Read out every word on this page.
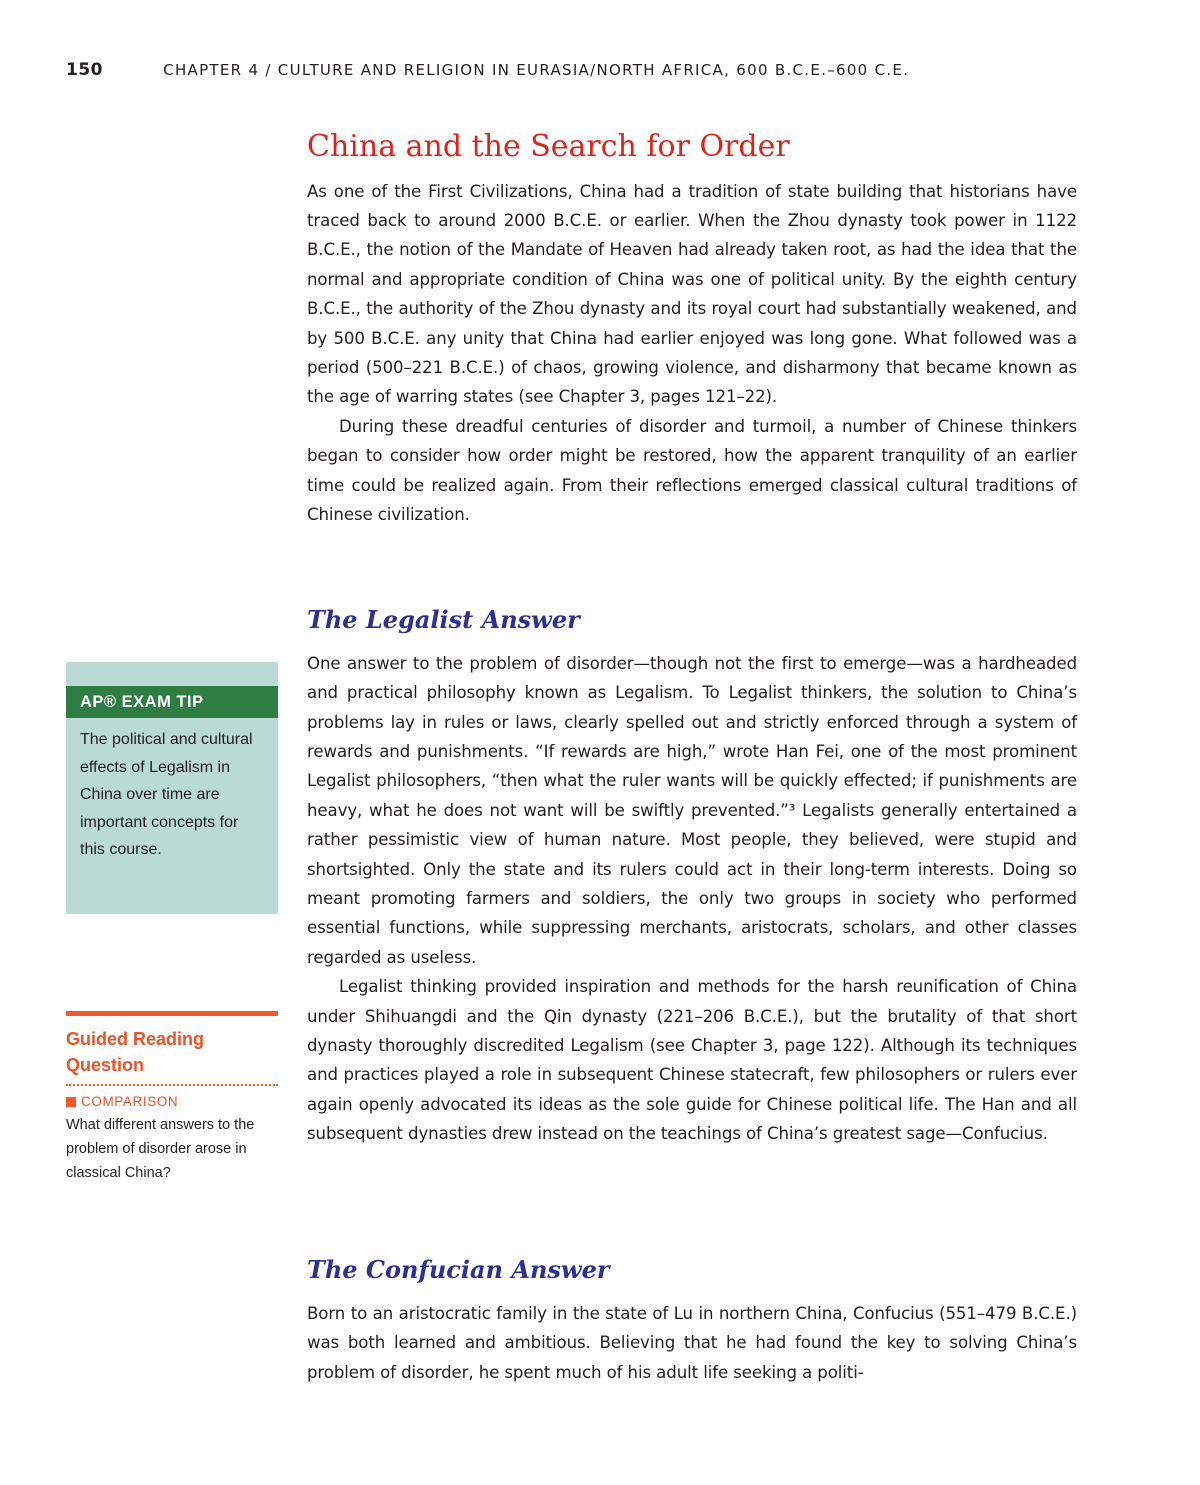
150	CHAPTER 4 / CULTURE AND RELIGION IN EURASIA/NORTH AFRICA, 600 B.C.E.–600 C.E.
China and the Search for Order

As one of the First Civilizations, China had a tradition of state building that historians have traced back to around 2000 B.C.E. or earlier. When the Zhou dynasty took power in 1122 B.C.E., the notion of the Mandate of Heaven had already taken root, as had the idea that the normal and appropriate condition of China was one of political unity. By the eighth century B.C.E., the authority of the Zhou dynasty and its royal court had substantially weakened, and by 500 B.C.E. any unity that China had earlier enjoyed was long gone. What followed was a period (500–221 B.C.E.) of chaos, growing violence, and disharmony that became known as the age of warring states (see Chapter 3, pages 121–22).

During these dreadful centuries of disorder and turmoil, a number of Chinese thinkers began to consider how order might be restored, how the apparent tranquility of an earlier time could be realized again. From their reflections emerged classical cultural traditions of Chinese civilization.

The Legalist Answer

One answer to the problem of disorder—though not the first to emerge—was a hardheaded and practical philosophy known as Legalism. To Legalist thinkers, the solution to China’s problems lay in rules or laws, clearly spelled out and strictly enforced through a system of rewards and punishments. “If rewards are high,” wrote Han Fei, one of the most prominent Legalist philosophers, “then what the ruler wants will be quickly effected; if punishments are heavy, what he does not want will be swiftly prevented.”³ Legalists generally entertained a rather pessimistic view of human nature. Most people, they believed, were stupid and shortsighted. Only the state and its rulers could act in their long-term interests. Doing so meant promoting farmers and soldiers, the only two groups in society who performed essential functions, while suppressing merchants, aristocrats, scholars, and other classes regarded as useless.

Legalist thinking provided inspiration and methods for the harsh reunification of China under Shihuangdi and the Qin dynasty (221–206 B.C.E.), but the brutality of that short dynasty thoroughly discredited Legalism (see Chapter 3, page 122). Although its techniques and practices played a role in subsequent Chinese statecraft, few philosophers or rulers ever again openly advocated its ideas as the sole guide for Chinese political life. The Han and all subsequent dynasties drew instead on the teachings of China’s greatest sage—Confucius.

The Confucian Answer

Born to an aristocratic family in the state of Lu in northern China, Confucius (551–479 B.C.E.) was both learned and ambitious. Believing that he had found the key to solving China’s problem of disorder, he spent much of his adult life seeking a politi-

AP® EXAM TIP
The political and cultural effects of Legalism in China over time are important concepts for this course.
Guided Reading Question
COMPARISON
What different answers to the problem of disorder arose in classical China?
